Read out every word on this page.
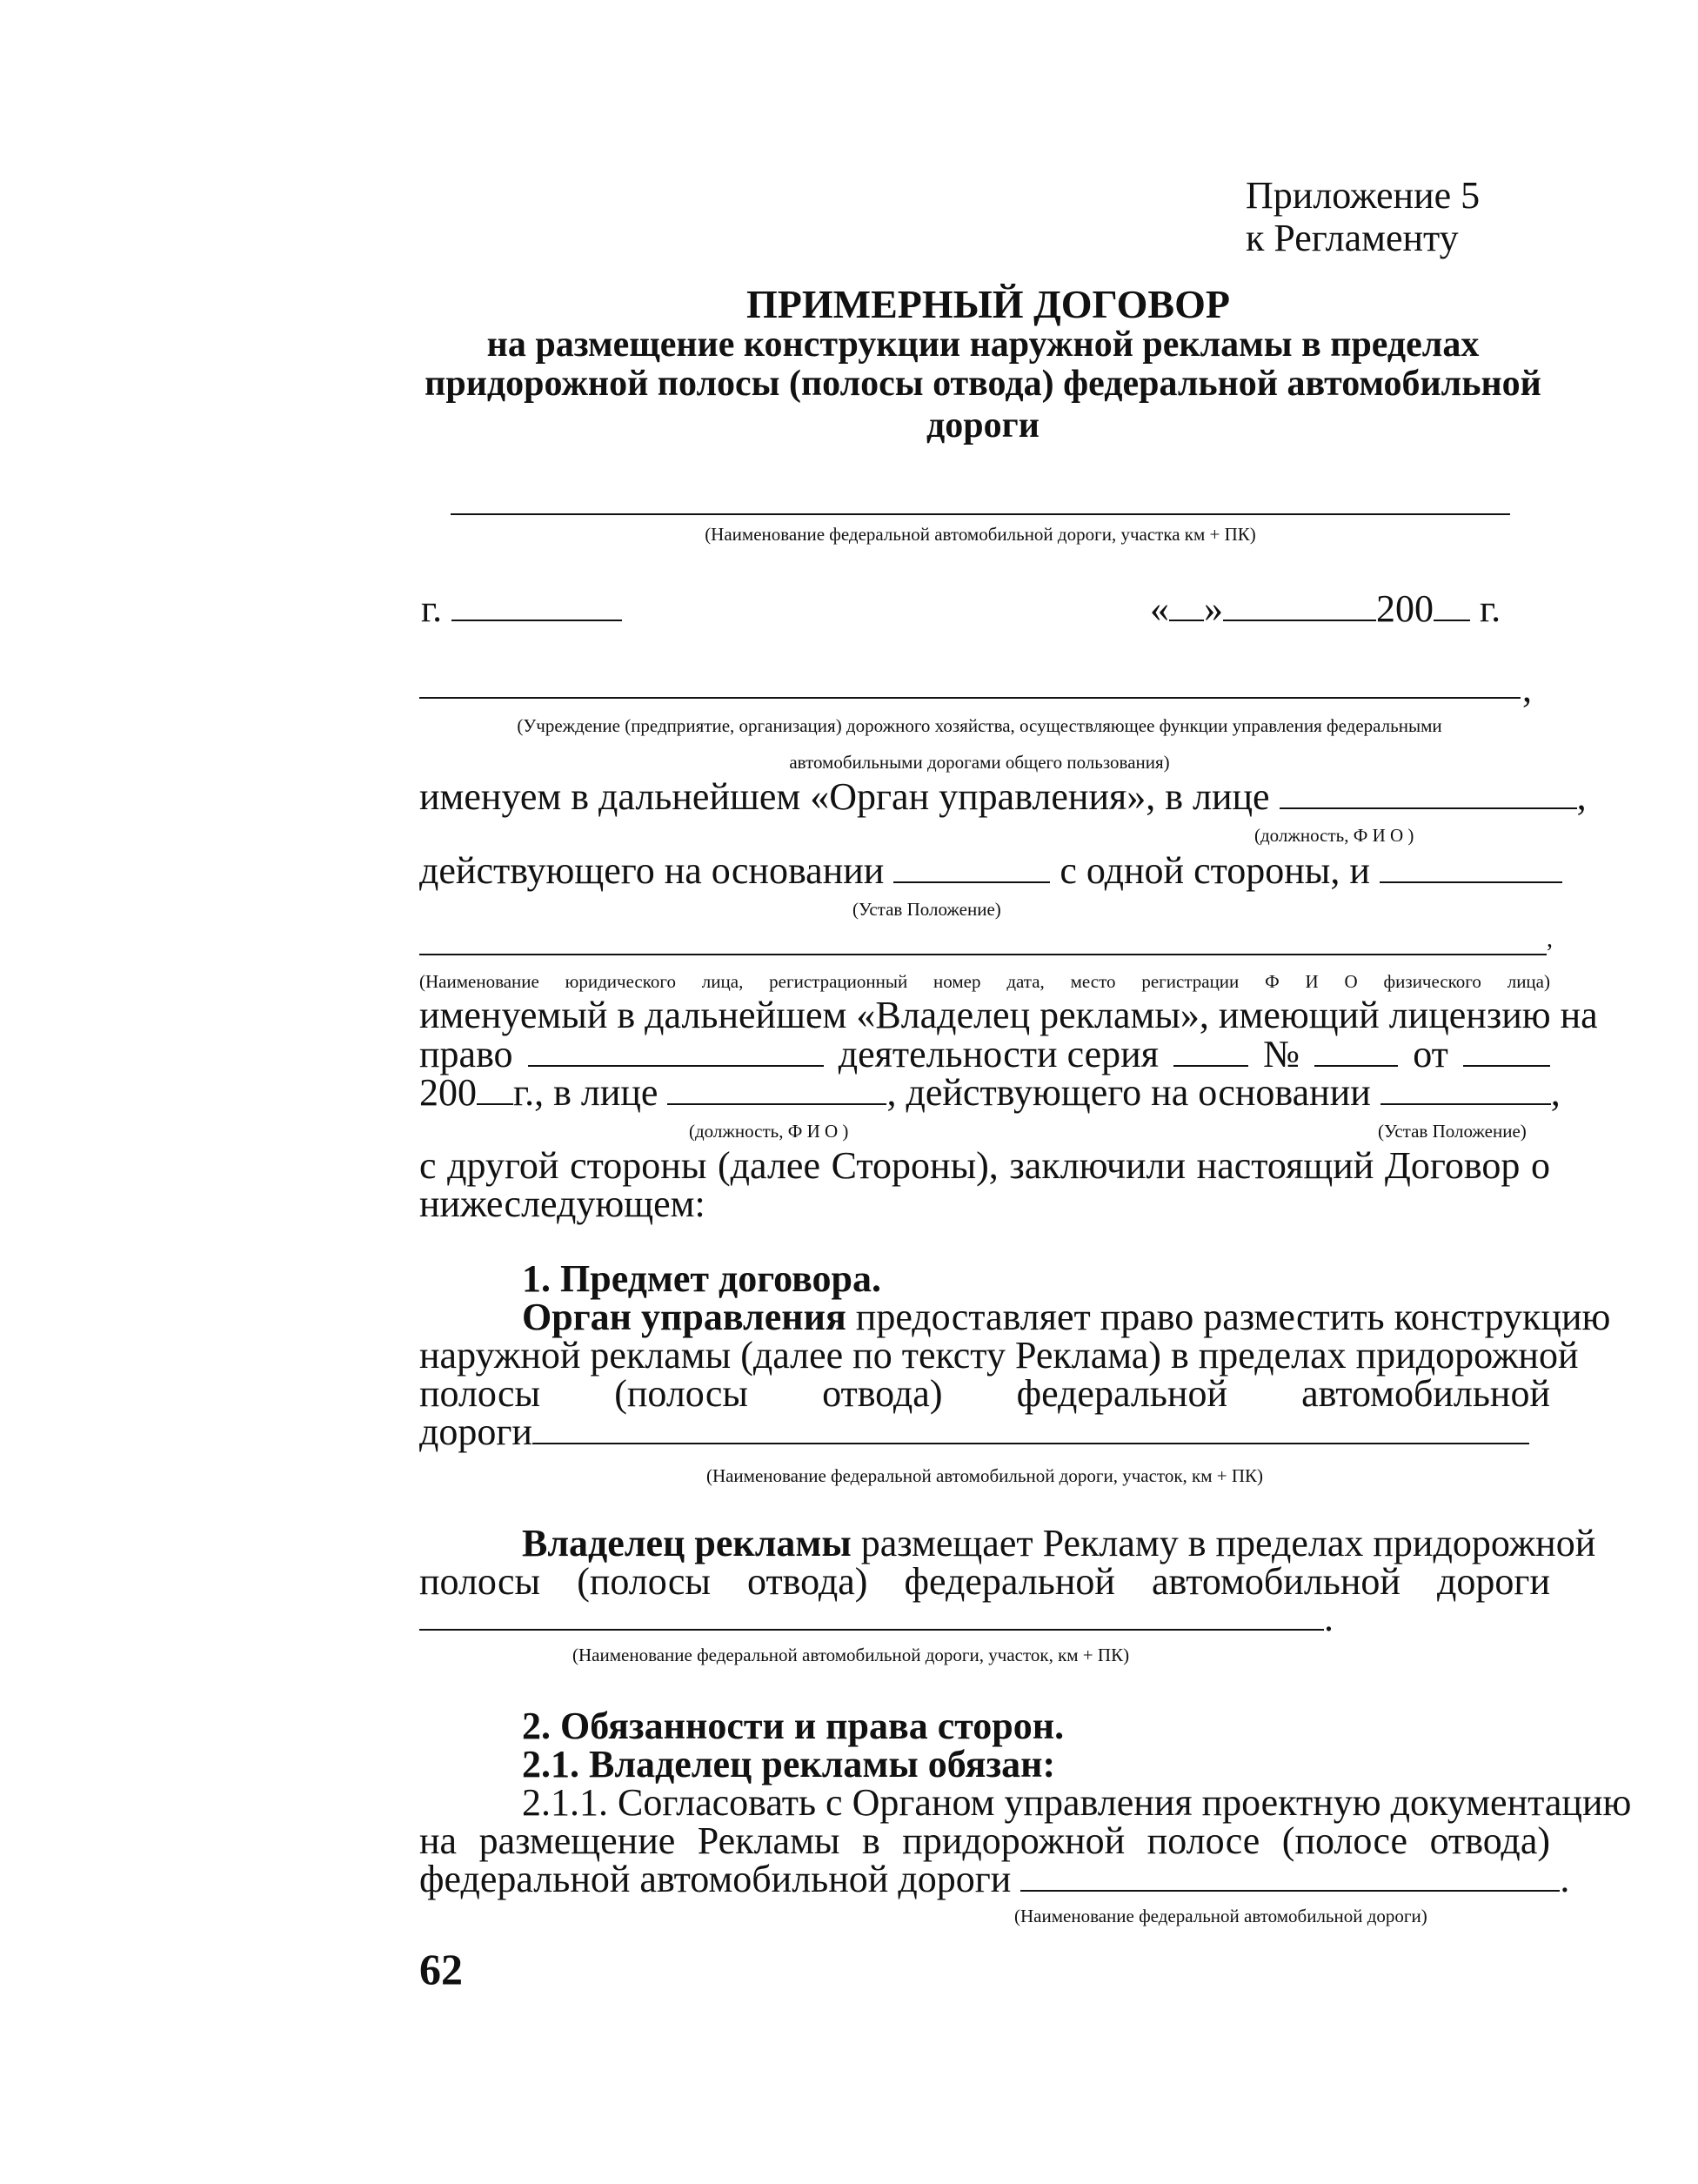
Приложение 5
к Регламенту
ПРИМЕРНЫЙ ДОГОВОР
на размещение конструкции наружной рекламы в пределах
придорожной полосы (полосы отвода) федеральной автомобильной
дороги
(Наименование федеральной автомобильной дороги, участка км + ПК)
г.	« »	200 г.
,
(Учреждение (предприятие, организация) дорожного хозяйства, осуществляющее функции управления федеральными
автомобильными дорогами общего пользования)
именуем в дальнейшем «Орган управления», в лице	,
(должность, Ф И О )
действующего на основании	с одной стороны, и
(Устав Положение)
,
(Наименование юридического лица, регистрационный номер дата, место регистрации Ф И О физического лица)
именуемый в дальнейшем «Владелец рекламы», имеющий лицензию на
право	деятельности серия	№	от
200 г., в лице	, действующего на основании	,
(должность, Ф И О )	(Устав Положение)
с другой стороны (далее Стороны), заключили настоящий Договор о
нижеследующем:
1. Предмет договора.
Орган управления предоставляет право разместить конструкцию
наружной рекламы (далее по тексту Реклама) в пределах придорожной
полосы (полосы отвода) федеральной автомобильной
дороги
(Наименование федеральной автомобильной дороги, участок, км + ПК)
Владелец рекламы размещает Рекламу в пределах придорожной
полосы (полосы отвода) федеральной автомобильной дороги
.
(Наименование федеральной автомобильной дороги, участок, км + ПК)
2. Обязанности и права сторон.
2.1. Владелец рекламы обязан:
2.1.1. Согласовать с Органом управления проектную документацию
на размещение Рекламы в придорожной полосе (полосе отвода)
федеральной автомобильной дороги	.
(Наименование федеральной автомобильной дороги)
62
